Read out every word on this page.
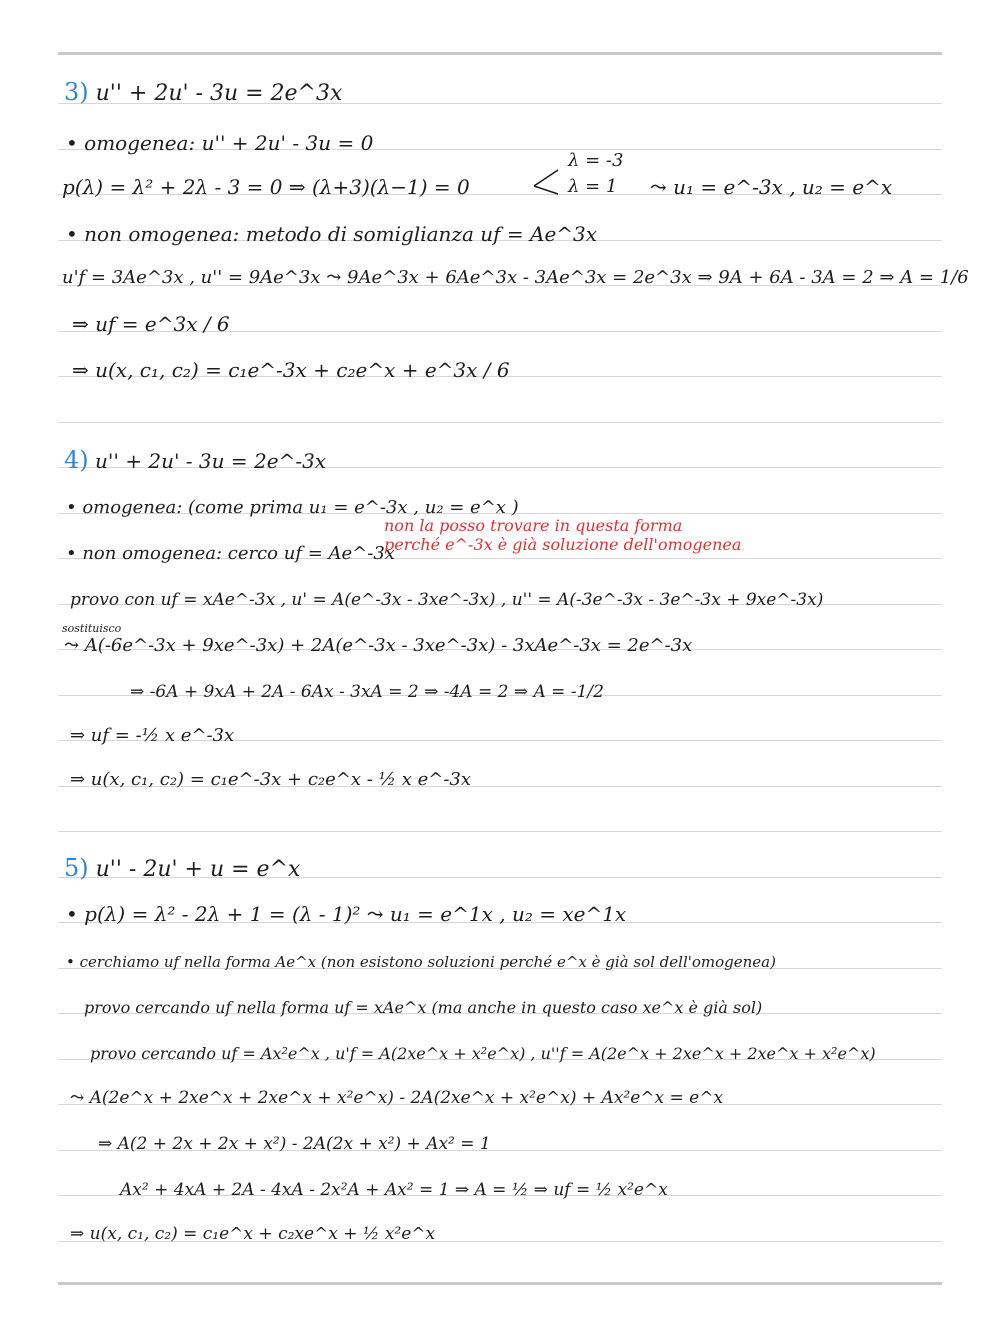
3) u'' + 2u' - 3u = 2e^3x
• omogenea: u'' + 2u' - 3u = 0
p(λ) = λ² + 2λ - 3 = 0 ⇒ (λ+3)(λ−1) = 0
λ = -3
λ = 1 ⤳ u₁ = e^-3x , u₂ = e^x
• non omogenea: metodo di somiglianza uf = Ae^3x
u'f = 3Ae^3x , u'' = 9Ae^3x ⤳ 9Ae^3x + 6Ae^3x - 3Ae^3x = 2e^3x ⇒ 9A + 6A - 3A = 2 ⇒ A = 1/6
⇒ uf = e^3x / 6
⇒ u(x, c₁, c₂) = c₁e^-3x + c₂e^x + e^3x / 6
4) u'' + 2u' - 3u = 2e^-3x
• omogenea: (come prima u₁ = e^-3x , u₂ = e^x )
• non omogenea: cerco uf = Ae^-3x
non la posso trovare in questa forma
perché e^-3x è già soluzione dell'omogenea
provo con uf = xAe^-3x , u' = A(e^-3x - 3xe^-3x) , u'' = A(-3e^-3x - 3e^-3x + 9xe^-3x)
sostituisco
⤳ A(-6e^-3x + 9xe^-3x) + 2A(e^-3x - 3xe^-3x) - 3xAe^-3x = 2e^-3x
⇒ -6A + 9xA + 2A - 6Ax - 3xA = 2 ⇒ -4A = 2 ⇒ A = -1/2
⇒ uf = -½ x e^-3x
⇒ u(x, c₁, c₂) = c₁e^-3x + c₂e^x - ½ x e^-3x
5) u'' - 2u' + u = e^x
• p(λ) = λ² - 2λ + 1 = (λ - 1)² ⤳ u₁ = e^1x , u₂ = xe^1x
• cerchiamo uf nella forma Ae^x (non esistono soluzioni perché e^x è già sol dell'omogenea)
provo cercando uf nella forma uf = xAe^x (ma anche in questo caso xe^x è già sol)
provo cercando uf = Ax²e^x , u'f = A(2xe^x + x²e^x) , u''f = A(2e^x + 2xe^x + 2xe^x + x²e^x)
⤳ A(2e^x + 2xe^x + 2xe^x + x²e^x) - 2A(2xe^x + x²e^x) + Ax²e^x = e^x
⇒ A(2 + 2x + 2x + x²) - 2A(2x + x²) + Ax² = 1
Ax² + 4xA + 2A - 4xA - 2x²A + Ax² = 1 ⇒ A = ½ ⇒ uf = ½ x²e^x
⇒ u(x, c₁, c₂) = c₁e^x + c₂xe^x + ½ x²e^x
